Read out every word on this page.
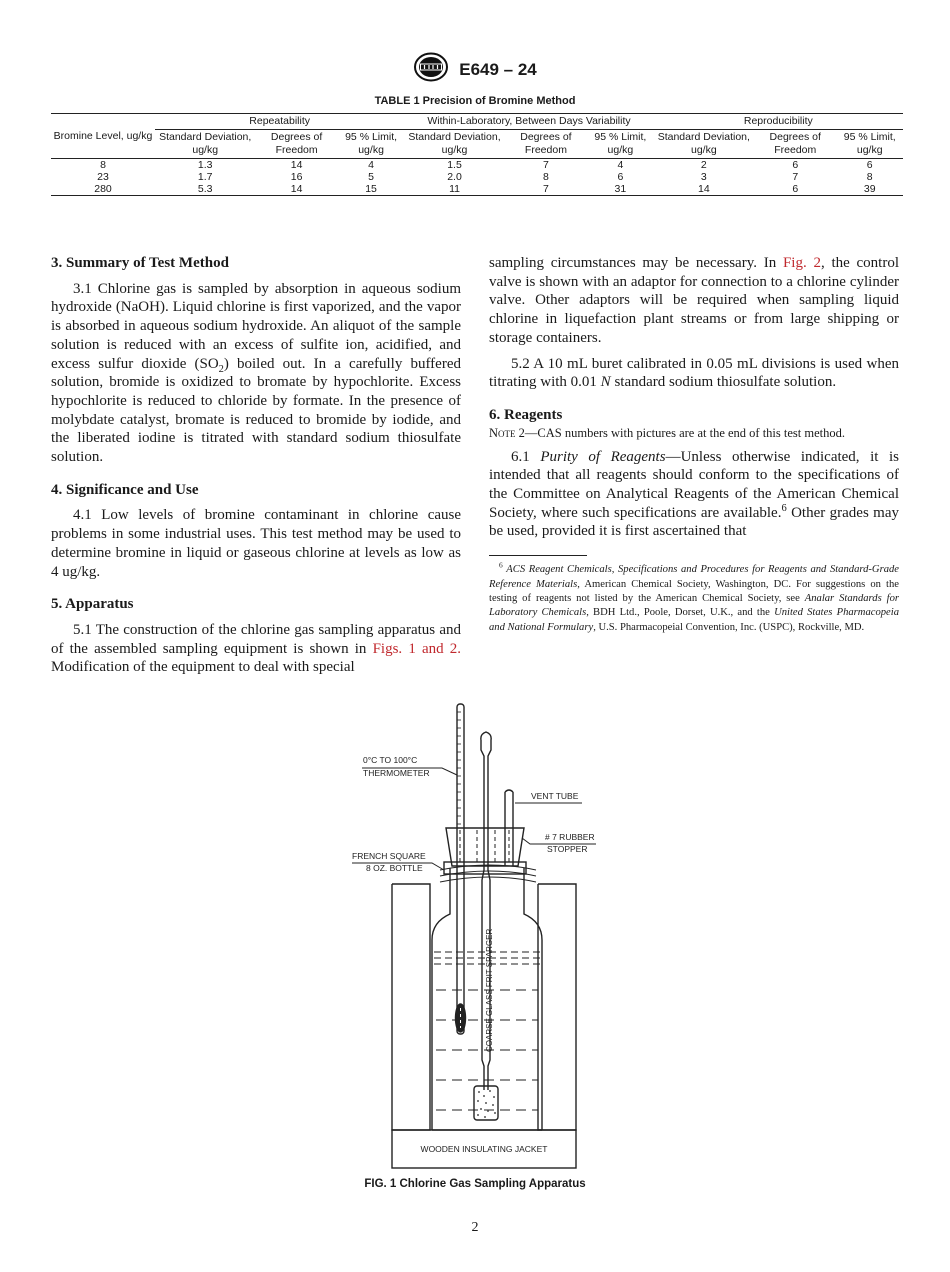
E649 – 24
TABLE 1 Precision of Bromine Method
Bromine Level, ug/kg	Repeatability			Within-Laboratory, Between Days Variability			Reproducibility		
	Standard Deviation, ug/kg	Degrees of Freedom	95 % Limit, ug/kg	Standard Deviation, ug/kg	Degrees of Freedom	95 % Limit, ug/kg	Standard Deviation, ug/kg	Degrees of Freedom	95 % Limit, ug/kg
8	1.3	14	4	1.5	7	4	2	6	6
23	1.7	16	5	2.0	8	6	3	7	8
280	5.3	14	15	11	7	31	14	6	39
3. Summary of Test Method

3.1 Chlorine gas is sampled by absorption in aqueous sodium hydroxide (NaOH). Liquid chlorine is first vaporized, and the vapor is absorbed in aqueous sodium hydroxide. An aliquot of the sample solution is reduced with an excess of sulfite ion, acidified, and excess sulfur dioxide $(SO_2)$ boiled out. In a carefully buffered solution, bromide is oxidized to bromate by hypochlorite. Excess hypochlorite is reduced to chloride by formate. In the presence of molybdate catalyst, bromate is reduced to bromide by iodide, and the liberated iodine is titrated with standard sodium thiosulfate solution.

4. Significance and Use

4.1 Low levels of bromine contaminant in chlorine cause problems in some industrial uses. This test method may be used to determine bromine in liquid or gaseous chlorine at levels as low as 4 ug/kg.

5. Apparatus

5.1 The construction of the chlorine gas sampling apparatus and of the assembled sampling equipment is shown in Figs. 1 and 2. Modification of the equipment to deal with special

sampling circumstances may be necessary. In Fig. 2, the control valve is shown with an adaptor for connection to a chlorine cylinder valve. Other adaptors will be required when sampling liquid chlorine in liquefaction plant streams or from large shipping or storage containers.

5.2 A 10 mL buret calibrated in 0.05 mL divisions is used when titrating with 0.01 N standard sodium thiosulfate solution.

6. Reagents

Note 2—CAS numbers with pictures are at the end of this test method.

6.1 Purity of Reagents—Unless otherwise indicated, it is intended that all reagents should conform to the specifications of the Committee on Analytical Reagents of the American Chemical Society, where such specifications are available.$^6$ Other grades may be used, provided it is first ascertained that

$^6$ ACS Reagent Chemicals, Specifications and Procedures for Reagents and Standard-Grade Reference Materials, American Chemical Society, Washington, DC. For suggestions on the testing of reagents not listed by the American Chemical Society, see Analar Standards for Laboratory Chemicals, BDH Ltd., Poole, Dorset, U.K., and the United States Pharmacopeia and National Formulary, U.S. Pharmacopeial Convention, Inc. (USPC), Rockville, MD.

0°C TO 100°C
THERMOMETER
VENT TUBE
# 7 RUBBER
STOPPER
FRENCH SQUARE
8 OZ. BOTTLE
COARSE GLASS FRIT SPARGER
WOODEN INSULATING JACKET
FIG. 1 Chlorine Gas Sampling Apparatus
2
